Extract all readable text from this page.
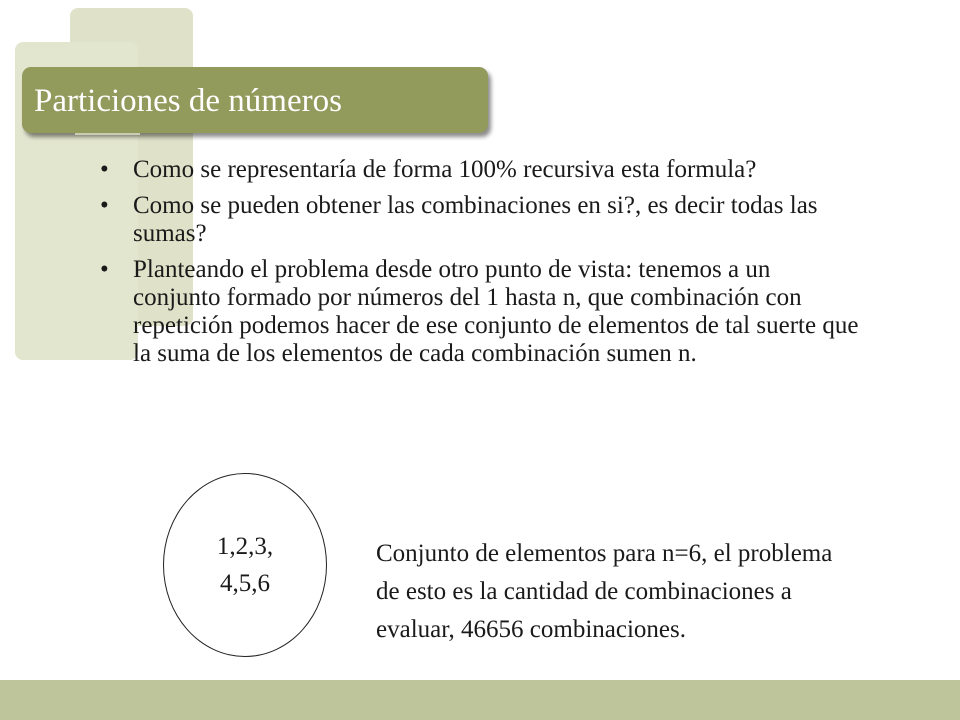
Particiones de números
• Como se representaría de forma 100% recursiva esta formula?
• Como se pueden obtener las combinaciones en si?, es decir todas las sumas?
• Planteando el problema desde otro punto de vista: tenemos a un conjunto formado por números del 1 hasta n, que combinación con repetición podemos hacer de ese conjunto de elementos de tal suerte que la suma de los elementos de cada combinación sumen n.
1,2,3, 4,5,6
Conjunto de elementos para n=6, el problema de esto es la cantidad de combinaciones a evaluar, 46656 combinaciones.
